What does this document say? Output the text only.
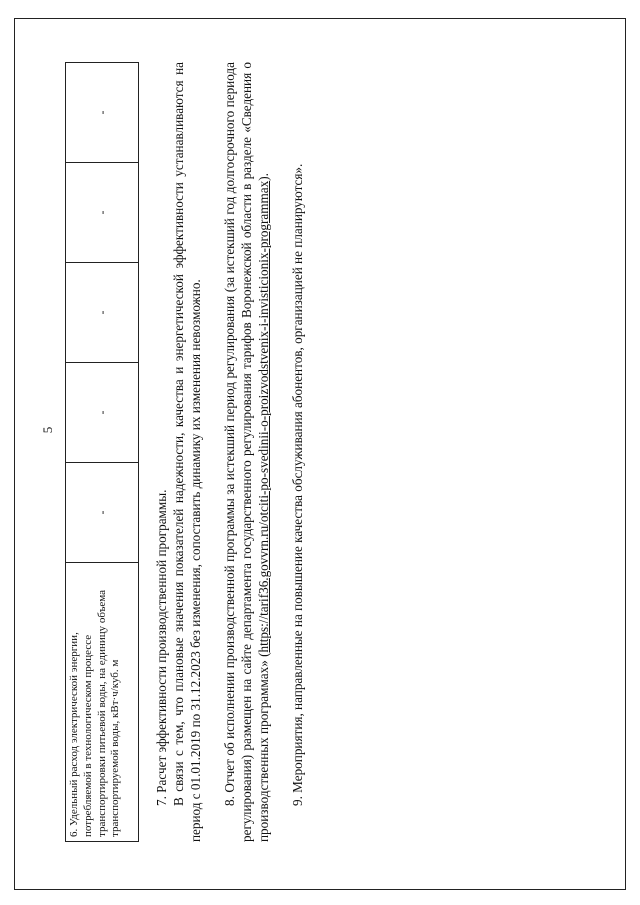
5
6. Удельный расход электрической энергии, потребляемой в технологическом процессе транспортировки питьевой воды, на единицу объема транспортируемой воды, кВт·ч/куб. м	-	-	-	-	-

7. Расчет эффективности производственной программы. В связи с тем, что плановые значения показателей надежности, качества и энергетической эффективности устанавливаются на период с 01.01.2019 по 31.12.2023 без изменения, сопоставить динамику их изменения невозможно. 8. Отчет об исполнении производственной программы за истекший период регулирования (за истекший год долгосрочного периода регулирования) размещен на сайте департамента государственного регулирования тарифов Воронежской области в разделе «Сведения о производственных программах» (https://tarif36.govvrn.ru/otciti-po-svedinii-o-proizvodstvenix-i-invisticionix-programmax). 9. Мероприятия, направленные на повышение качества обслуживания абонентов, организацией не планируются».
